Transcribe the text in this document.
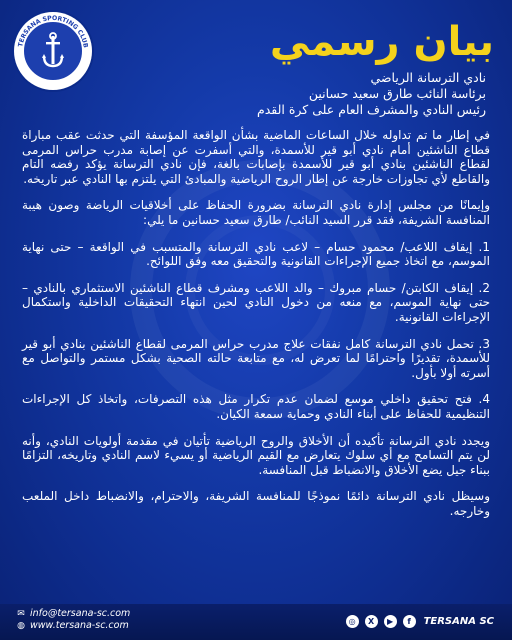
TERSANA SPORTING CLUB	بيان رسمي
نادي الترسانة الرياضي
برئاسة النائب طارق سعيد حسانين
رئيس النادي والمشرف العام على كرة القدم

في إطار ما تم تداوله خلال الساعات الماضية بشأن الواقعة المؤسفة التي حدثت عقب مباراة قطاع الناشئين أمام نادي أبو قير للأسمدة، والتي أسفرت عن إصابة مدرب حراس المرمى لقطاع الناشئين بنادي أبو قير للأسمدة بإصابات بالغة، فإن نادي الترسانة يؤكد رفضه التام والقاطع لأي تجاوزات خارجة عن إطار الروح الرياضية والمبادئ التي يلتزم بها النادي عبر تاريخه.

وإيمانًا من مجلس إدارة نادي الترسانة بضرورة الحفاظ على أخلاقيات الرياضة وصون هيبة المنافسة الشريفة، فقد قرر السيد النائب/ طارق سعيد حسانين ما يلي:

1. إيقاف اللاعب/ محمود حسام – لاعب نادي الترسانة والمتسبب في الواقعة – حتى نهاية الموسم، مع اتخاذ جميع الإجراءات القانونية والتحقيق معه وفق اللوائح.
2. إيقاف الكابتن/ حسام مبروك – والد اللاعب ومشرف قطاع الناشئين الاستثماري بالنادي – حتى نهاية الموسم، مع منعه من دخول النادي لحين انتهاء التحقيقات الداخلية واستكمال الإجراءات القانونية.
3. تحمل نادي الترسانة كامل نفقات علاج مدرب حراس المرمى لقطاع الناشئين بنادي أبو قير للأسمدة، تقديرًا واحترامًا لما تعرض له، مع متابعة حالته الصحية بشكل مستمر والتواصل مع أسرته أولا بأول.
4. فتح تحقيق داخلي موسع لضمان عدم تكرار مثل هذه التصرفات، واتخاذ كل الإجراءات التنظيمية للحفاظ على أبناء النادي وحماية سمعة الكيان.

ويجدد نادي الترسانة تأكيده أن الأخلاق والروح الرياضية تأتيان في مقدمة أولويات النادي، وأنه لن يتم التسامح مع أي سلوك يتعارض مع القيم الرياضية أو يسيء لاسم النادي وتاريخه، التزامًا ببناء جيل يضع الأخلاق والانضباط قبل المنافسة.

وسيظل نادي الترسانة دائمًا نموذجًا للمنافسة الشريفة، والاحترام، والانضباط داخل الملعب وخارجه.

✉ info@tersana-sc.com
◍ www.tersana-sc.com	◎	X	▶	f	TERSANA SC
